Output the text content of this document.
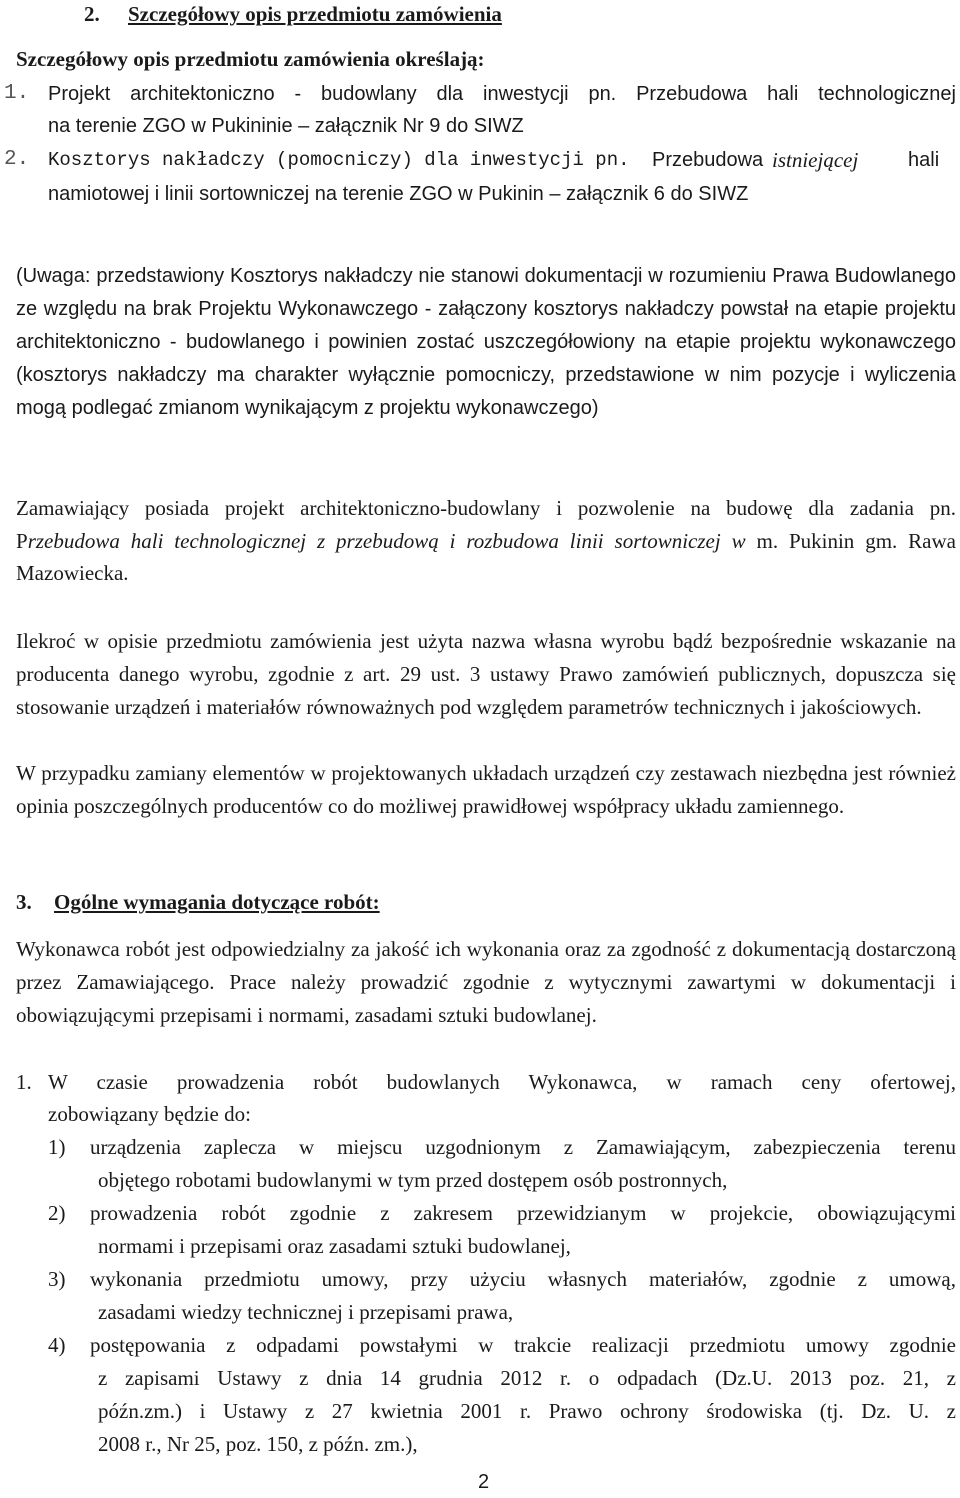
2. Szczegółowy opis przedmiotu zamówienia
Szczegółowy opis przedmiotu zamówienia określają:
1. Projekt architektoniczno - budowlany dla inwestycji pn. Przebudowa hali technologicznej
na terenie ZGO w Pukininie – załącznik Nr 9 do SIWZ
2. Kosztorys nakładczy (pomocniczy) dla inwestycji pn. Przebudowa istniejącej hali
namiotowej i linii sortowniczej na terenie ZGO w Pukinin – załącznik 6 do SIWZ
(Uwaga: przedstawiony Kosztorys nakładczy nie stanowi dokumentacji w rozumieniu Prawa Budowlanego ze względu na brak Projektu Wykonawczego - załączony kosztorys nakładczy powstał na etapie projektu architektoniczno - budowlanego i powinien zostać uszczegółowiony na etapie projektu wykonawczego (kosztorys nakładczy ma charakter wyłącznie pomocniczy, przedstawione w nim pozycje i wyliczenia mogą podlegać zmianom wynikającym z projektu wykonawczego)
Zamawiający posiada projekt architektoniczno-budowlany i pozwolenie na budowę dla zadania pn. Przebudowa hali technologicznej z przebudową i rozbudowa linii sortowniczej w m. Pukinin gm. Rawa Mazowiecka.
Ilekroć w opisie przedmiotu zamówienia jest użyta nazwa własna wyrobu bądź bezpośrednie wskazanie na producenta danego wyrobu, zgodnie z art. 29 ust. 3 ustawy Prawo zamówień publicznych, dopuszcza się stosowanie urządzeń i materiałów równoważnych pod względem parametrów technicznych i jakościowych.
W przypadku zamiany elementów w projektowanych układach urządzeń czy zestawach niezbędna jest również opinia poszczególnych producentów co do możliwej prawidłowej współpracy układu zamiennego.
3. Ogólne wymagania dotyczące robót:
Wykonawca robót jest odpowiedzialny za jakość ich wykonania oraz za zgodność z dokumentacją dostarczoną przez Zamawiającego. Prace należy prowadzić zgodnie z wytycznymi zawartymi w dokumentacji i obowiązującymi przepisami i normami, zasadami sztuki budowlanej.
1. W czasie prowadzenia robót budowlanych Wykonawca, w ramach ceny ofertowej,
zobowiązany będzie do:
1) urządzenia zaplecza w miejscu uzgodnionym z Zamawiającym, zabezpieczenia terenu
objętego robotami budowlanymi w tym przed dostępem osób postronnych,
2) prowadzenia robót zgodnie z zakresem przewidzianym w projekcie, obowiązującymi
normami i przepisami oraz zasadami sztuki budowlanej,
3) wykonania przedmiotu umowy, przy użyciu własnych materiałów, zgodnie z umową,
zasadami wiedzy technicznej i przepisami prawa,
4) postępowania z odpadami powstałymi w trakcie realizacji przedmiotu umowy zgodnie
z zapisami Ustawy z dnia 14 grudnia 2012 r. o odpadach (Dz.U. 2013 poz. 21, z
późn.zm.) i Ustawy z 27 kwietnia 2001 r. Prawo ochrony środowiska (tj. Dz. U. z
2008 r., Nr 25, poz. 150, z późn. zm.),
2
